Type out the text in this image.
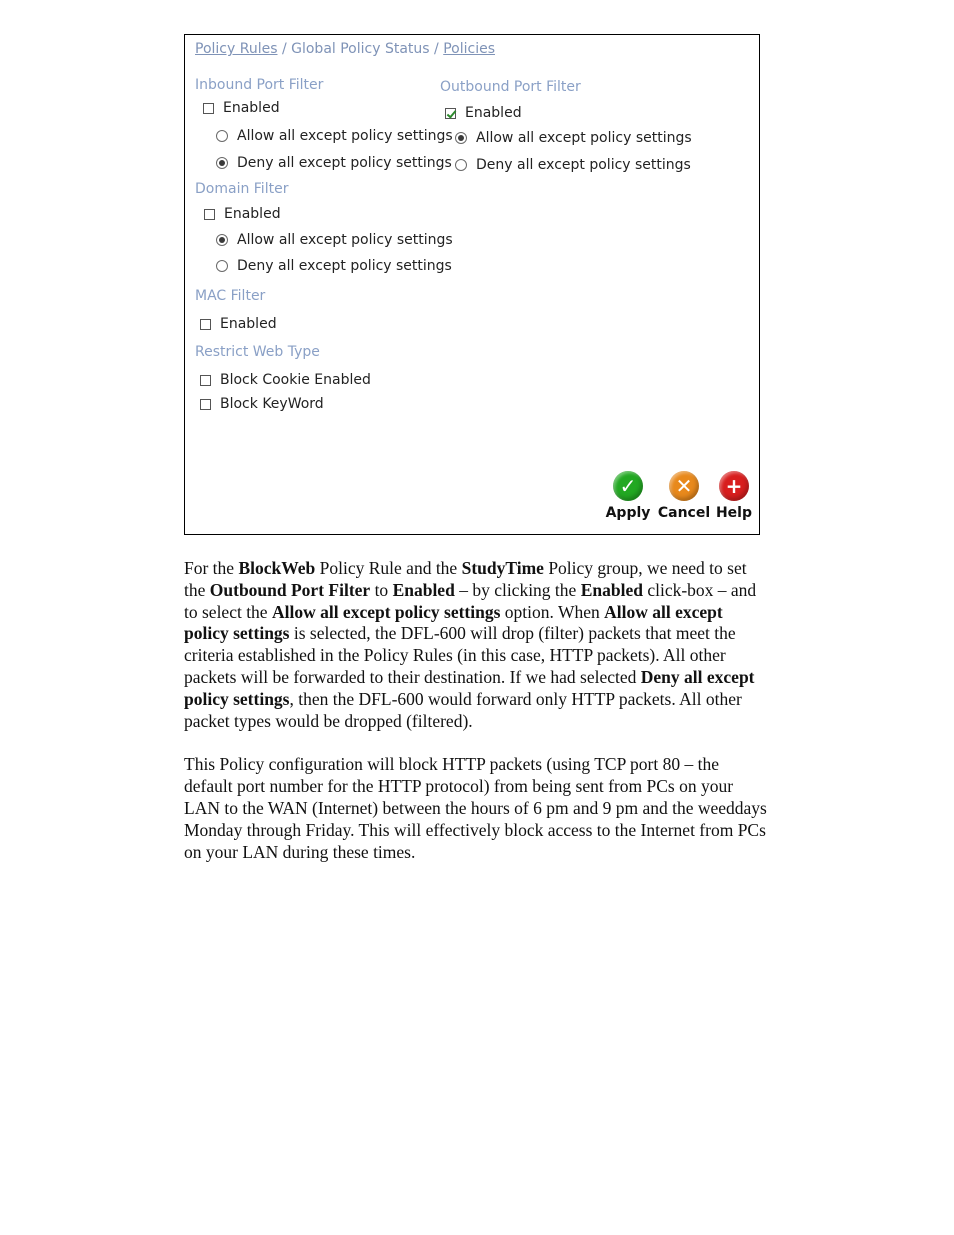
Policy Rules / Global Policy Status / Policies
Inbound Port Filter
Enabled
Allow all except policy settings
Deny all except policy settings
Outbound Port Filter
Enabled
Allow all except policy settings
Deny all except policy settings
Domain Filter
Enabled
Allow all except policy settings
Deny all except policy settings
MAC Filter
Enabled
Restrict Web Type
Block Cookie Enabled
Block KeyWord
✓
Apply
✕
Cancel
+
Help

For the BlockWeb Policy Rule and the StudyTime Policy group, we need to set the Outbound Port Filter to Enabled – by clicking the Enabled click-box – and to select the Allow all except policy settings option. When Allow all except policy settings is selected, the DFL-600 will drop (filter) packets that meet the criteria established in the Policy Rules (in this case, HTTP packets). All other packets will be forwarded to their destination. If we had selected Deny all except policy settings, then the DFL-600 would forward only HTTP packets. All other packet types would be dropped (filtered).

This Policy configuration will block HTTP packets (using TCP port 80 – the default port number for the HTTP protocol) from being sent from PCs on your LAN to the WAN (Internet) between the hours of 6 pm and 9 pm and the weeddays Monday through Friday. This will effectively block access to the Internet from PCs on your LAN during these times.
